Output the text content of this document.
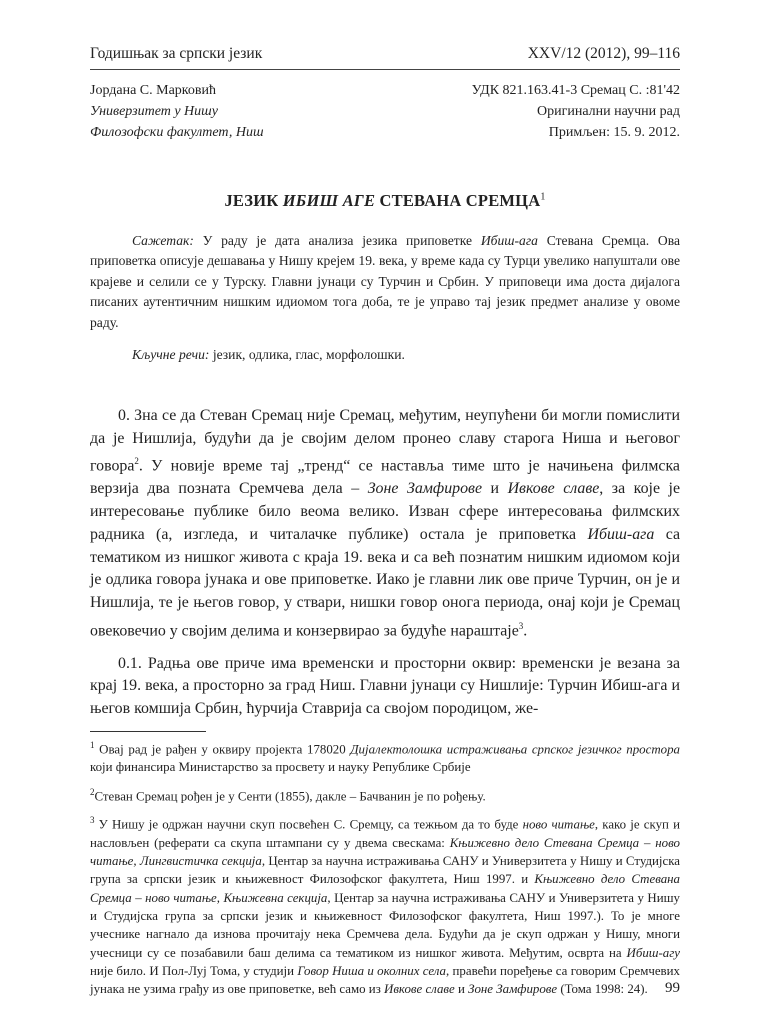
Годишњак за српски језик	XXV/12 (2012), 99–116
Јордана С. Марковић
Универзитет у Нишу
Филозофски факултет, Ниш
УДК 821.163.41-3 Сремац С. :81'42
Оригинални научни рад
Примљен: 15. 9. 2012.
ЈЕЗИК ИБИШ АГЕ СТЕВАНА СРЕМЦА$^1$
Сажетак: У раду је дата анализа језика приповетке Ибиш-ага Стевана Сремца. Ова приповетка описује дешавања у Нишу крејем 19. века, у време када су Турци увелико напуштали ове крајеве и селили се у Турску. Главни јунаци су Турчин и Србин. У приповеци има доста дијалога писаних аутентичним нишким идиомом тога доба, те је управо тај језик предмет анализе у овоме раду.
Кључне речи: језик, одлика, глас, морфолошки.

0. Зна се да Стеван Сремац није Сремац, међутим, неупућени би могли помислити да је Нишлија, будући да је својим делом пронео славу старога Ниша и његовог говора$^2$. У новије време тај „тренд“ се наставља тиме што је начињена филмска верзија два позната Сремчева дела – Зоне Замфирове и Ивкове славе, за које је интересовање публике било веома велико. Изван сфере интересовања филмских радника (а, изгледа, и читалачке публике) остала је приповетка Ибиш-ага са тематиком из нишког живота с краја 19. века и са већ познатим нишким идиомом који је одлика говора јунака и ове приповетке. Иако је главни лик ове приче Турчин, он је и Нишлија, те је његов говор, у ствари, нишки говор онога периода, онај који је Сремац овековечио у својим делима и конзервирао за будуће нараштаје$^3$.

0.1. Радња ове приче има временски и просторни оквир: временски је везана за крај 19. века, а просторно за град Ниш. Главни јунаци су Нишлије: Турчин Ибиш-ага и његов комшија Србин, ћурчија Ставрија са својом породицом, же-

$^1$ Овај рад је рађен у оквиру пројекта 178020 Дијалектолошка истраживања српског језичког простора који финансира Министарство за просвету и науку Републике Србије
$^2$Стеван Сремац рођен је у Сенти (1855), дакле – Бачванин је по рођењу.
$^3$ У Нишу је одржан научни скуп посвећен С. Сремцу, са тежњом да то буде ново читање, како је скуп и насловљен (реферати са скупа штампани су у двема свескама: Књижевно дело Стевана Сремца – ново читање, Лингвистичка секција, Центар за научна истраживања САНУ и Универзитета у Нишу и Студијска група за српски језик и књижевност Филозофског факултета, Ниш 1997. и Књижевно дело Стевана Сремца – ново читање, Књижевна секција, Центар за научна истраживања САНУ и Универзитета у Нишу и Студијска група за српски језик и књижевност Филозофског факултета, Ниш 1997.). То је многе учеснике нагнало да изнова прочитају нека Сремчева дела. Будући да је скуп одржан у Нишу, многи учесници су се позабавили баш делима са тематиком из нишког живота. Међутим, осврта на Ибиш-агу није било. И Пол-Луј Тома, у студији Говор Ниша и околних села, правећи поређење са говорим Сремчевих јунака не узима грађу из ове приповетке, већ само из Ивкове славе и Зоне Замфирове (Тома 1998: 24).	99
